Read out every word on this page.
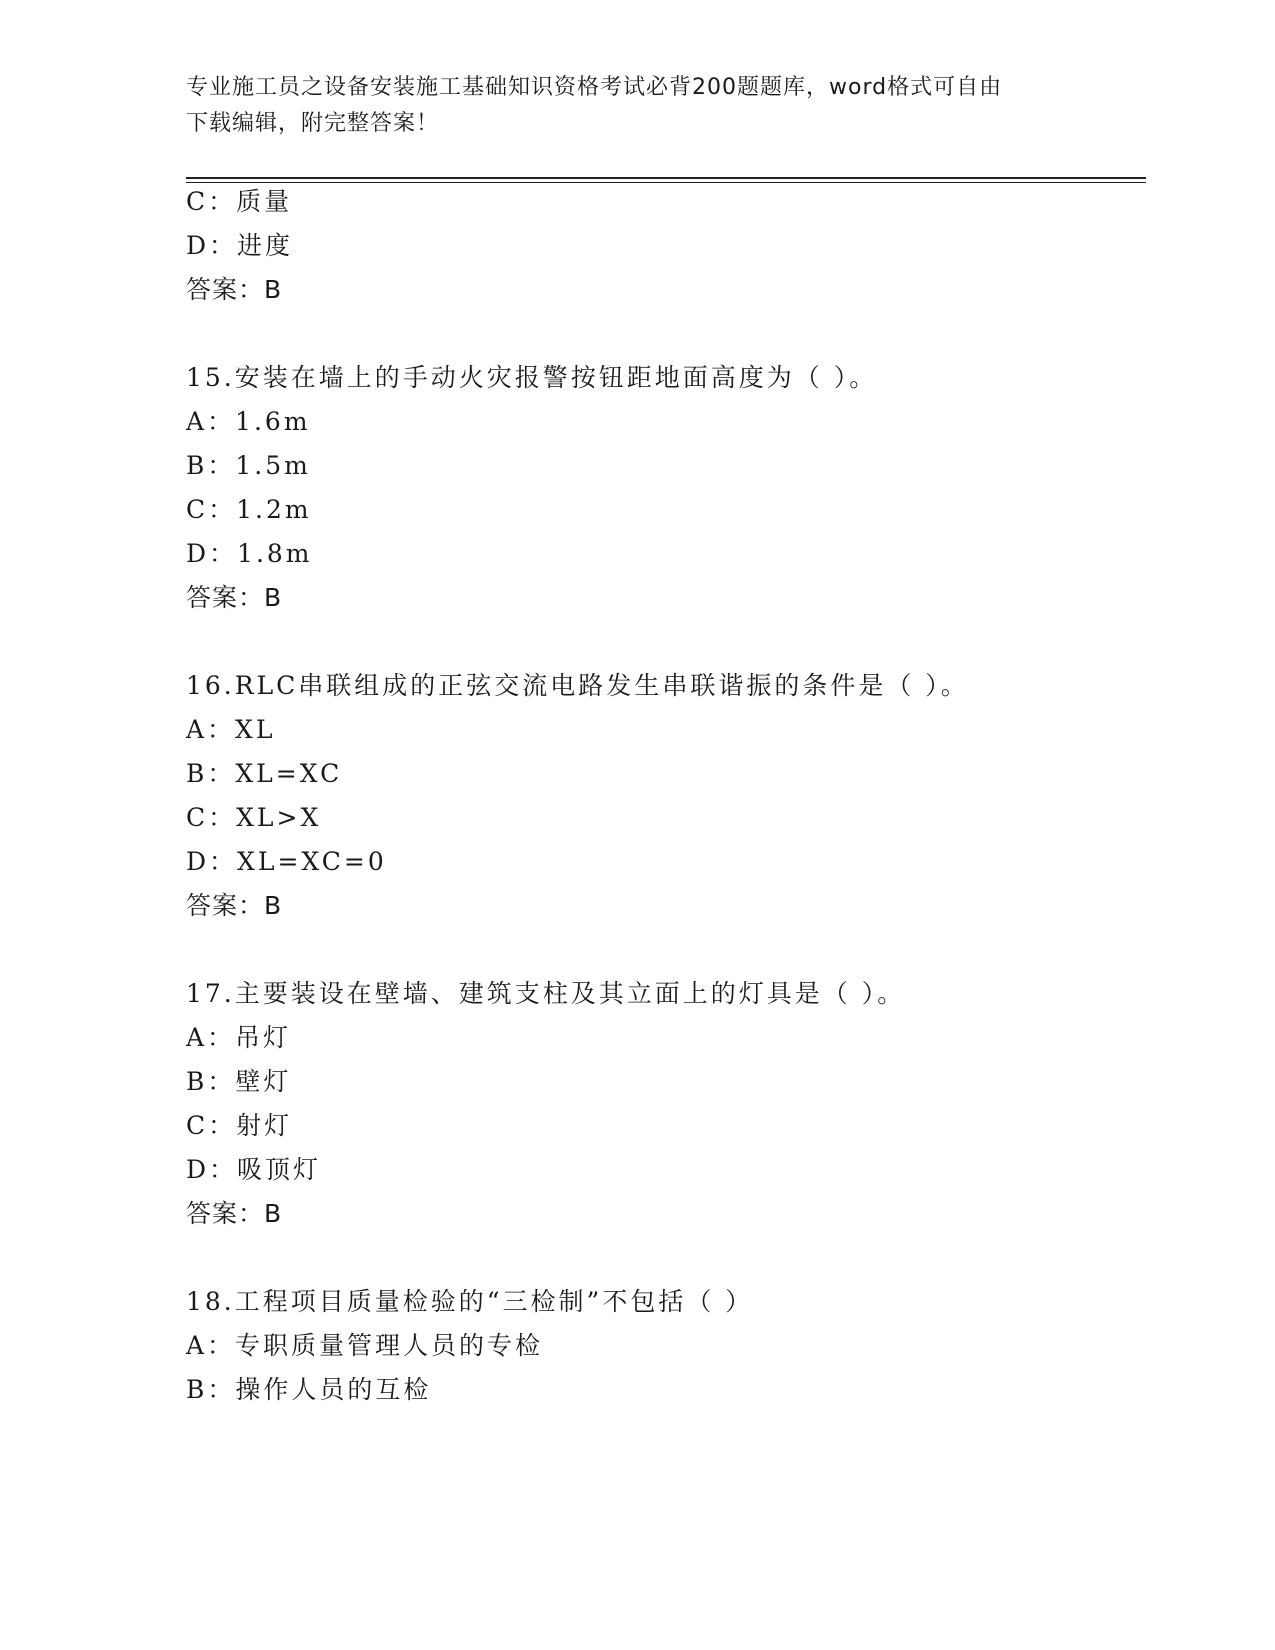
专业施工员之设备安装施工基础知识资格考试必背200题题库，word格式可自由
下载编辑，附完整答案！
C：质量
D：进度
答案：B
15.安装在墙上的手动火灾报警按钮距地面高度为（ ）。
A：1.6m
B：1.5m
C：1.2m
D：1.8m
答案：B
16.RLC串联组成的正弦交流电路发生串联谐振的条件是（ ）。
A：XL
B：XL=XC
C：XL>X
D：XL=XC=0
答案：B
17.主要装设在壁墙、建筑支柱及其立面上的灯具是（ ）。
A：吊灯
B：壁灯
C：射灯
D：吸顶灯
答案：B
18.工程项目质量检验的“三检制”不包括（ ）
A：专职质量管理人员的专检
B：操作人员的互检
